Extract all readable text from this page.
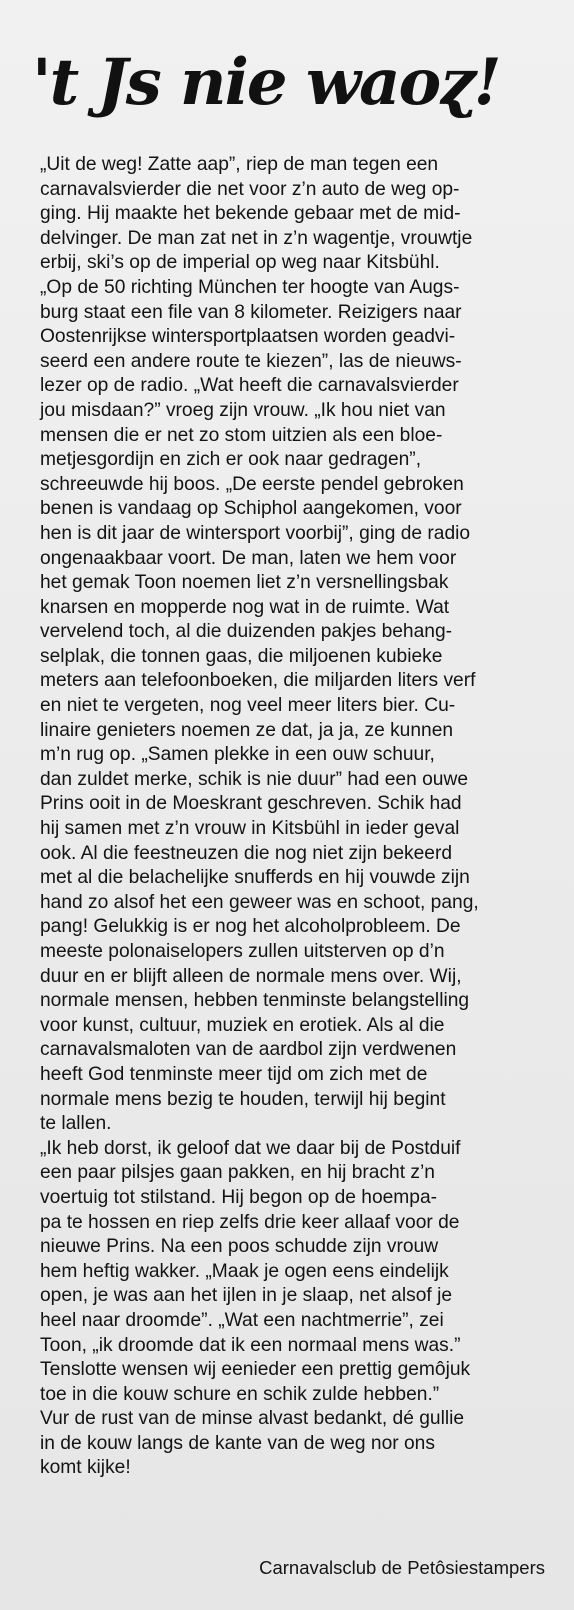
't Js nie waoɀ!
„Uit de weg! Zatte aap”, riep de man tegen een
carnavalsvierder die net voor z’n auto de weg op-
ging. Hij maakte het bekende gebaar met de mid-
delvinger. De man zat net in z’n wagentje, vrouwtje
erbij, ski’s op de imperial op weg naar Kitsbühl.
„Op de 50 richting München ter hoogte van Augs-
burg staat een file van 8 kilometer. Reizigers naar
Oostenrijkse wintersportplaatsen worden geadvi-
seerd een andere route te kiezen”, las de nieuws-
lezer op de radio. „Wat heeft die carnavalsvierder
jou misdaan?” vroeg zijn vrouw. „Ik hou niet van
mensen die er net zo stom uitzien als een bloe-
metjesgordijn en zich er ook naar gedragen”,
schreeuwde hij boos. „De eerste pendel gebroken
benen is vandaag op Schiphol aangekomen, voor
hen is dit jaar de wintersport voorbij”, ging de radio
ongenaakbaar voort. De man, laten we hem voor
het gemak Toon noemen liet z’n versnellingsbak
knarsen en mopperde nog wat in de ruimte. Wat
vervelend toch, al die duizenden pakjes behang-
selplak, die tonnen gaas, die miljoenen kubieke
meters aan telefoonboeken, die miljarden liters verf
en niet te vergeten, nog veel meer liters bier. Cu-
linaire genieters noemen ze dat, ja ja, ze kunnen
m’n rug op. „Samen plekke in een ouw schuur,
dan zuldet merke, schik is nie duur” had een ouwe
Prins ooit in de Moeskrant geschreven. Schik had
hij samen met z’n vrouw in Kitsbühl in ieder geval
ook. Al die feestneuzen die nog niet zijn bekeerd
met al die belachelijke snufferds en hij vouwde zijn
hand zo alsof het een geweer was en schoot, pang,
pang! Gelukkig is er nog het alcoholprobleem. De
meeste polonaiselopers zullen uitsterven op d’n
duur en er blijft alleen de normale mens over. Wij,
normale mensen, hebben tenminste belangstelling
voor kunst, cultuur, muziek en erotiek. Als al die
carnavalsmaloten van de aardbol zijn verdwenen
heeft God tenminste meer tijd om zich met de
normale mens bezig te houden, terwijl hij begint
te lallen.
„Ik heb dorst, ik geloof dat we daar bij de Postduif
een paar pilsjes gaan pakken, en hij bracht z’n
voertuig tot stilstand. Hij begon op de hoempa-
pa te hossen en riep zelfs drie keer allaaf voor de
nieuwe Prins. Na een poos schudde zijn vrouw
hem heftig wakker. „Maak je ogen eens eindelijk
open, je was aan het ijlen in je slaap, net alsof je
heel naar droomde”. „Wat een nachtmerrie”, zei
Toon, „ik droomde dat ik een normaal mens was.”
Tenslotte wensen wij eenieder een prettig gemôjuk
toe in die kouw schure en schik zulde hebben.”
Vur de rust van de minse alvast bedankt, dé gullie
in de kouw langs de kante van de weg nor ons
komt kijke!
Carnavalsclub de Petôsiestampers
